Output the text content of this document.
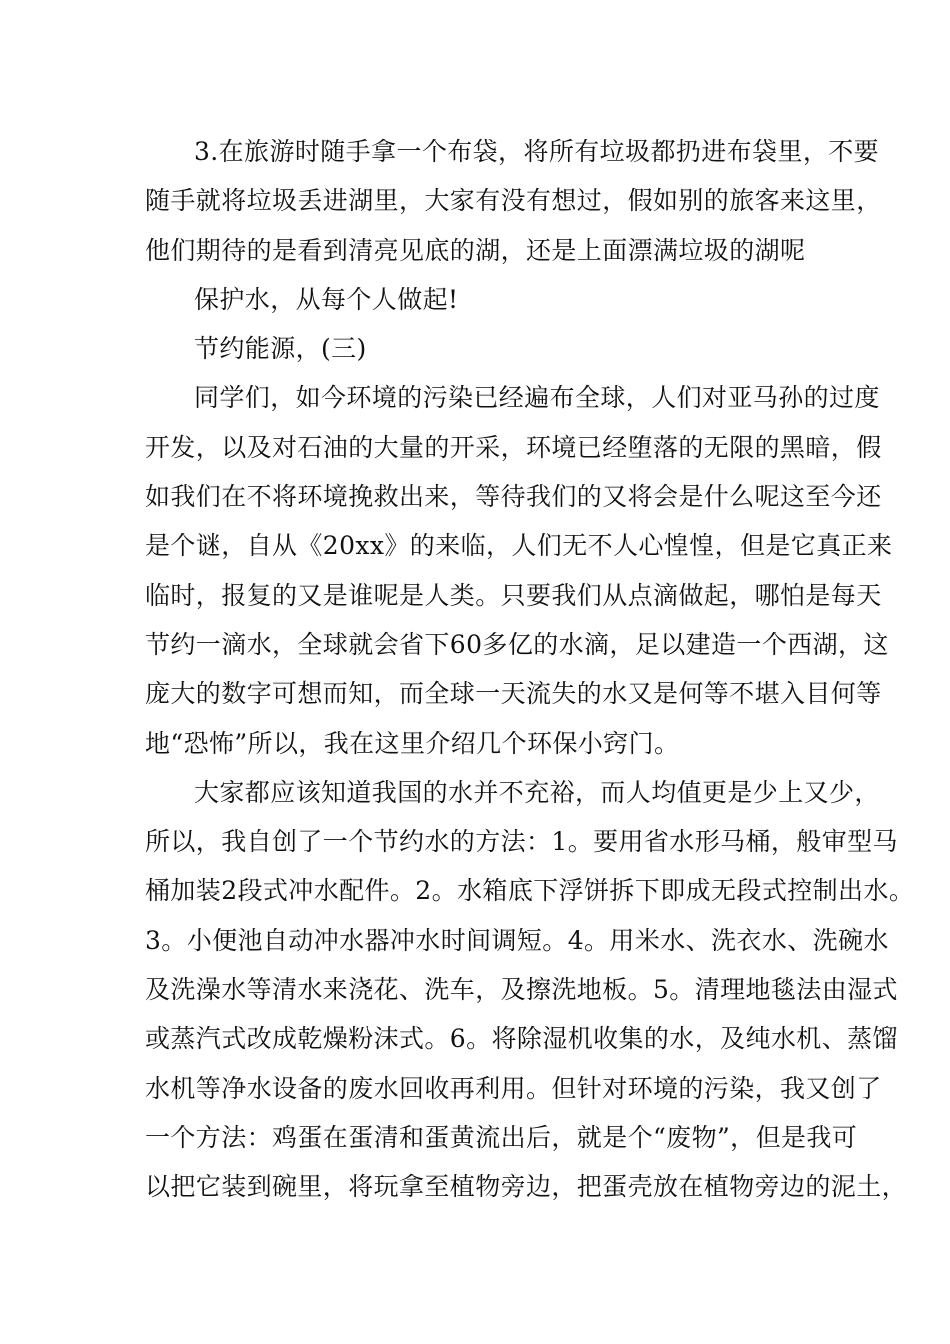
3.在旅游时随手拿一个布袋，将所有垃圾都扔进布袋里，不要
随手就将垃圾丢进湖里，大家有没有想过，假如别的旅客来这里，
他们期待的是看到清亮见底的湖，还是上面漂满垃圾的湖呢
保护水，从每个人做起!
节约能源，(三)
同学们，如今环境的污染已经遍布全球，人们对亚马孙的过度
开发，以及对石油的大量的开采，环境已经堕落的无限的黑暗，假
如我们在不将环境挽救出来，等待我们的又将会是什么呢这至今还
是个谜，自从《20xx》的来临，人们无不人心惶惶，但是它真正来
临时，报复的又是谁呢是人类。只要我们从点滴做起，哪怕是每天
节约一滴水，全球就会省下60多亿的水滴，足以建造一个西湖，这
庞大的数字可想而知，而全球一天流失的水又是何等不堪入目何等
地“恐怖”所以，我在这里介绍几个环保小窍门。
大家都应该知道我国的水并不充裕，而人均值更是少上又少，
所以，我自创了一个节约水的方法：1。要用省水形马桶，般审型马
桶加装2段式冲水配件。2。水箱底下浮饼拆下即成无段式控制出水。
3。小便池自动冲水器冲水时间调短。4。用米水、洗衣水、洗碗水
及洗澡水等清水来浇花、洗车，及擦洗地板。5。清理地毯法由湿式
或蒸汽式改成乾燥粉沫式。6。将除湿机收集的水，及纯水机、蒸馏
水机等净水设备的废水回收再利用。但针对环境的污染，我又创了
一个方法：鸡蛋在蛋清和蛋黄流出后，就是个“废物”，但是我可
以把它装到碗里，将玩拿至植物旁边，把蛋壳放在植物旁边的泥土，
